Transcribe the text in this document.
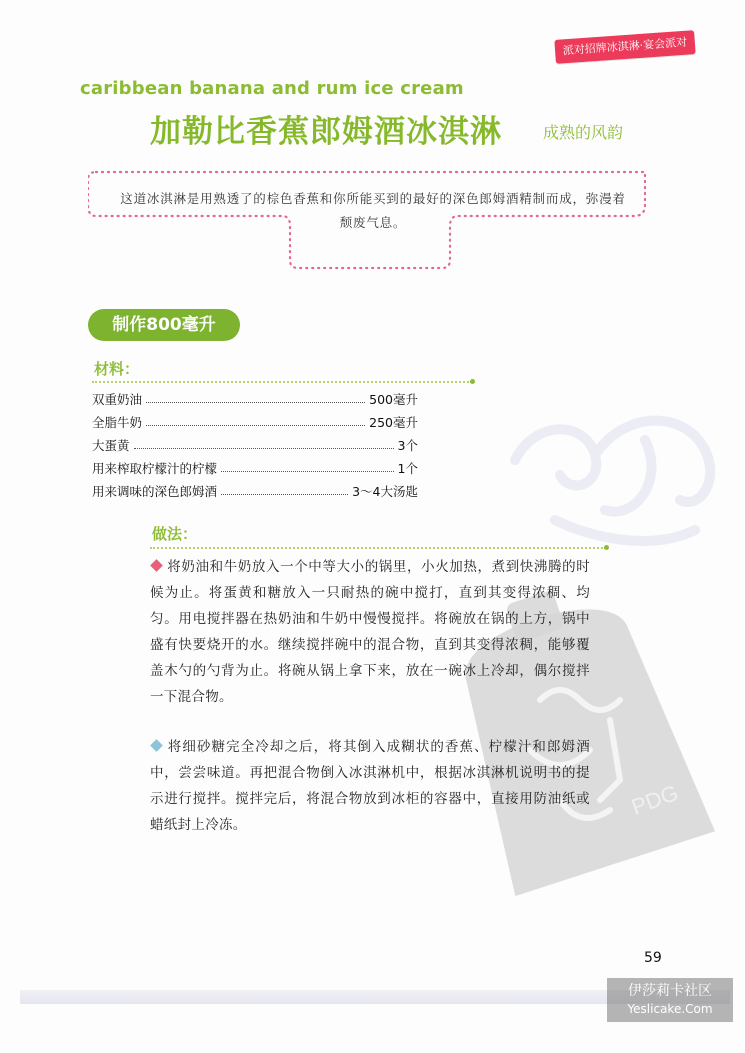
PDG
派对招牌冰淇淋·宴会派对
caribbean banana and rum ice cream
加勒比香蕉郎姆酒冰淇淋	成熟的风韵
这道冰淇淋是用熟透了的棕色香蕉和你所能买到的最好的深色郎姆酒精制而成，弥漫着颓废气息。
制作800毫升
材料：
双重奶油	500毫升
全脂牛奶	250毫升
大蛋黄	3个
用来榨取柠檬汁的柠檬	1个
用来调味的深色郎姆酒	3～4大汤匙
做法：
将奶油和牛奶放入一个中等大小的锅里，小火加热，煮到快沸腾的时候为止。将蛋黄和糖放入一只耐热的碗中搅打，直到其变得浓稠、均匀。用电搅拌器在热奶油和牛奶中慢慢搅拌。将碗放在锅的上方，锅中盛有快要烧开的水。继续搅拌碗中的混合物，直到其变得浓稠，能够覆盖木勺的勺背为止。将碗从锅上拿下来，放在一碗冰上冷却，偶尔搅拌一下混合物。
将细砂糖完全冷却之后，将其倒入成糊状的香蕉、柠檬汁和郎姆酒中，尝尝味道。再把混合物倒入冰淇淋机中，根据冰淇淋机说明书的提示进行搅拌。搅拌完后，将混合物放到冰柜的容器中，直接用防油纸或蜡纸封上冷冻。
59
伊莎莉卡社区
Yeslicake.Com
